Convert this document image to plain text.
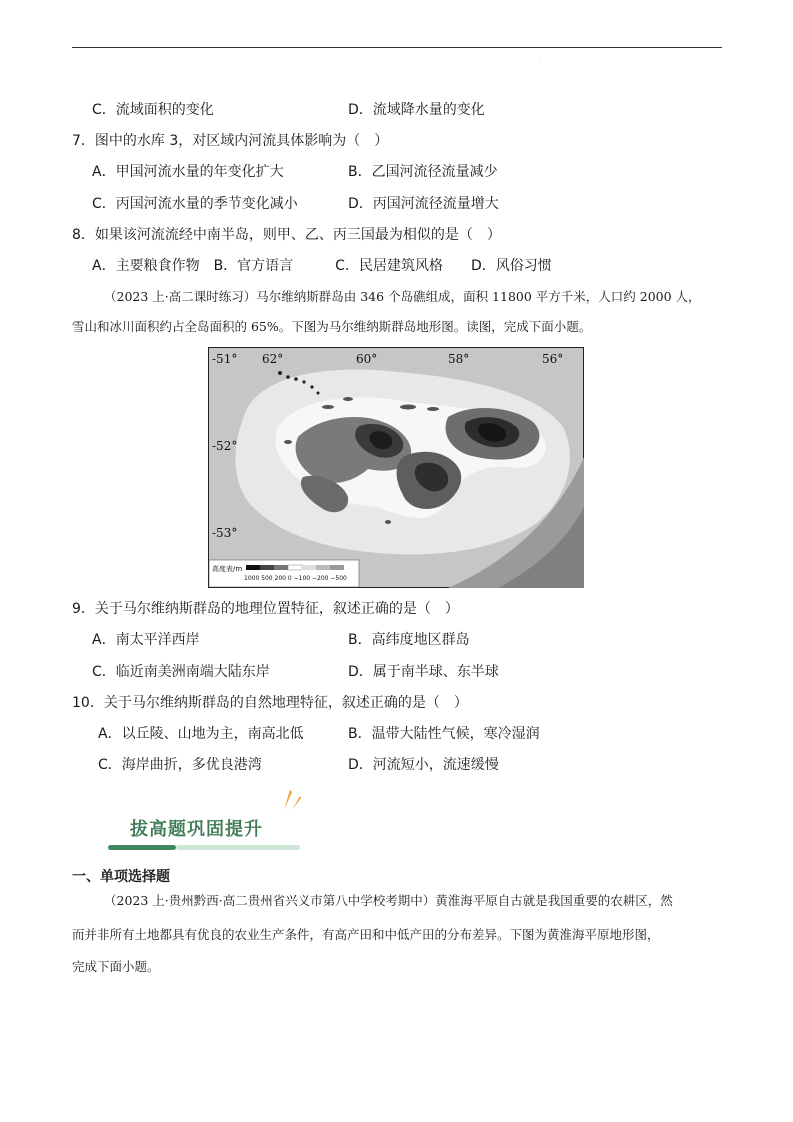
·
C．流域面积的变化	D．流域降水量的变化
7．图中的水库 3，对区域内河流具体影响为（　）
A．甲国河流水量的年变化扩大	B．乙国河流径流量减少
C．丙国河流水量的季节变化减小	D．丙国河流径流量增大
8．如果该河流流经中南半岛，则甲、乙、丙三国最为相似的是（　）
A．主要粮食作物　B．官方语言　　　C．民居建筑风格　　D．风俗习惯
（2023 上·高二课时练习）马尔维纳斯群岛由 346 个岛礁组成，面积 11800 平方千米，人口约 2000 人，
雪山和冰川面积约占全岛面积的 65%。下图为马尔维纳斯群岛地形图。读图，完成下面小题。
-51°
-52°
-53°
62°	60°	58°	56°
高度表/m
1000 500 200 0 −100 −200 −500
9．关于马尔维纳斯群岛的地理位置特征，叙述正确的是（　）
A．南太平洋西岸	B．高纬度地区群岛
C．临近南美洲南端大陆东岸	D．属于南半球、东半球
10．关于马尔维纳斯群岛的自然地理特征，叙述正确的是（　）
A．以丘陵、山地为主，南高北低	B．温带大陆性气候，寒冷湿润
C．海岸曲折，多优良港湾	D．河流短小，流速缓慢
拔高题巩固提升
一、单项选择题
（2023 上·贵州黔西·高二贵州省兴义市第八中学校考期中）黄淮海平原自古就是我国重要的农耕区，然
而并非所有土地都具有优良的农业生产条件，有高产田和中低产田的分布差异。下图为黄淮海平原地形图，
完成下面小题。
